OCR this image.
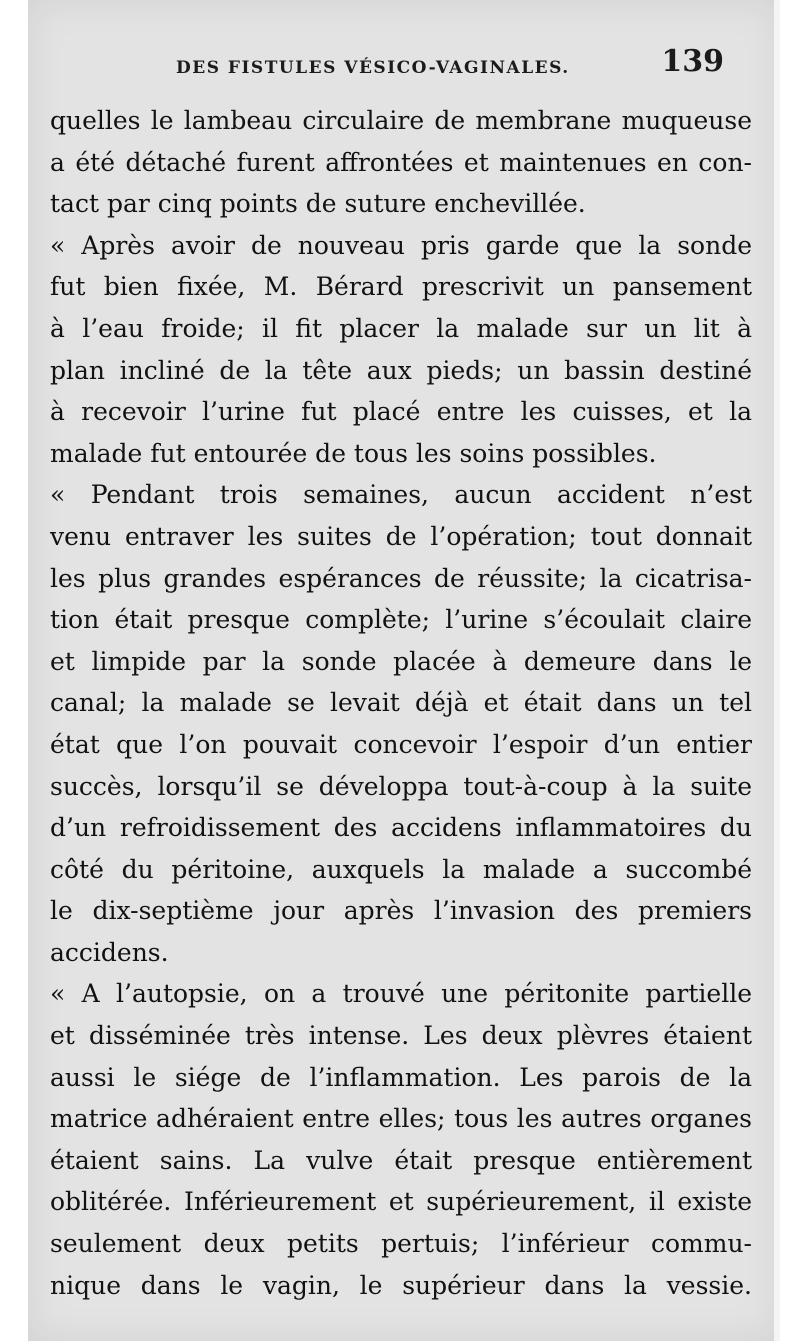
DES FISTULES VÉSICO-VAGINALES.	139
quelles le lambeau circulaire de membrane muqueuse
a été détaché furent affrontées et maintenues en con-
tact par cinq points de suture enchevillée.
« Après avoir de nouveau pris garde que la sonde
fut bien fixée, M. Bérard prescrivit un pansement
à l’eau froide; il fit placer la malade sur un lit à
plan incliné de la tête aux pieds; un bassin destiné
à recevoir l’urine fut placé entre les cuisses, et la
malade fut entourée de tous les soins possibles.
« Pendant trois semaines, aucun accident n’est
venu entraver les suites de l’opération; tout donnait
les plus grandes espérances de réussite; la cicatrisa-
tion était presque complète; l’urine s’écoulait claire
et limpide par la sonde placée à demeure dans le
canal; la malade se levait déjà et était dans un tel
état que l’on pouvait concevoir l’espoir d’un entier
succès, lorsqu’il se développa tout-à-coup à la suite
d’un refroidissement des accidens inflammatoires du
côté du péritoine, auxquels la malade a succombé
le dix-septième jour après l’invasion des premiers
accidens.
« A l’autopsie, on a trouvé une péritonite partielle
et disséminée très intense. Les deux plèvres étaient
aussi le siége de l’inflammation. Les parois de la
matrice adhéraient entre elles; tous les autres organes
étaient sains. La vulve était presque entièrement
oblitérée. Inférieurement et supérieurement, il existe
seulement deux petits pertuis; l’inférieur commu-
nique dans le vagin, le supérieur dans la vessie.
